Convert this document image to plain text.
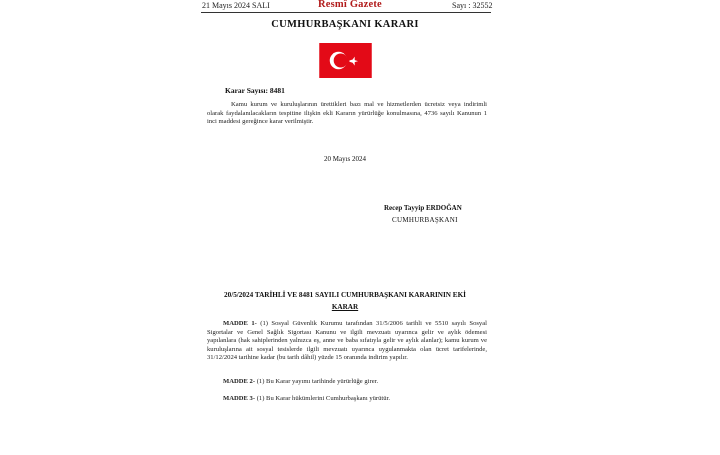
21 Mayıs 2024 SALI	Resmî Gazete	Sayı : 32552
CUMHURBAŞKANI KARARI
Karar Sayısı: 8481
Kamu kurum ve kuruluşlarının ürettikleri bazı mal ve hizmetlerden ücretsiz veya indirimli olarak faydalanılacakların tespitine ilişkin ekli Kararın yürürlüğe konulmasına, 4736 sayılı Kanunun 1 inci maddesi gereğince karar verilmiştir.
20 Mayıs 2024
Recep Tayyip ERDOĞAN
CUMHURBAŞKANI
20/5/2024 TARİHLİ VE 8481 SAYILI CUMHURBAŞKANI KARARININ EKİ
KARAR
MADDE 1- (1) Sosyal Güvenlik Kurumu tarafından 31/5/2006 tarihli ve 5510 sayılı Sosyal Sigortalar ve Genel Sağlık Sigortası Kanunu ve ilgili mevzuatı uyarınca gelir ve aylık ödemesi yapılanlara (hak sahiplerinden yalnızca eş, anne ve baba sıfatıyla gelir ve aylık alanlar); kamu kurum ve kuruluşlarına ait sosyal tesislerde ilgili mevzuatı uyarınca uygulanmakta olan ücret tarifelerinde, 31/12/2024 tarihine kadar (bu tarih dâhil) yüzde 15 oranında indirim yapılır.
MADDE 2- (1) Bu Karar yayımı tarihinde yürürlüğe girer.
MADDE 3- (1) Bu Karar hükümlerini Cumhurbaşkanı yürütür.
